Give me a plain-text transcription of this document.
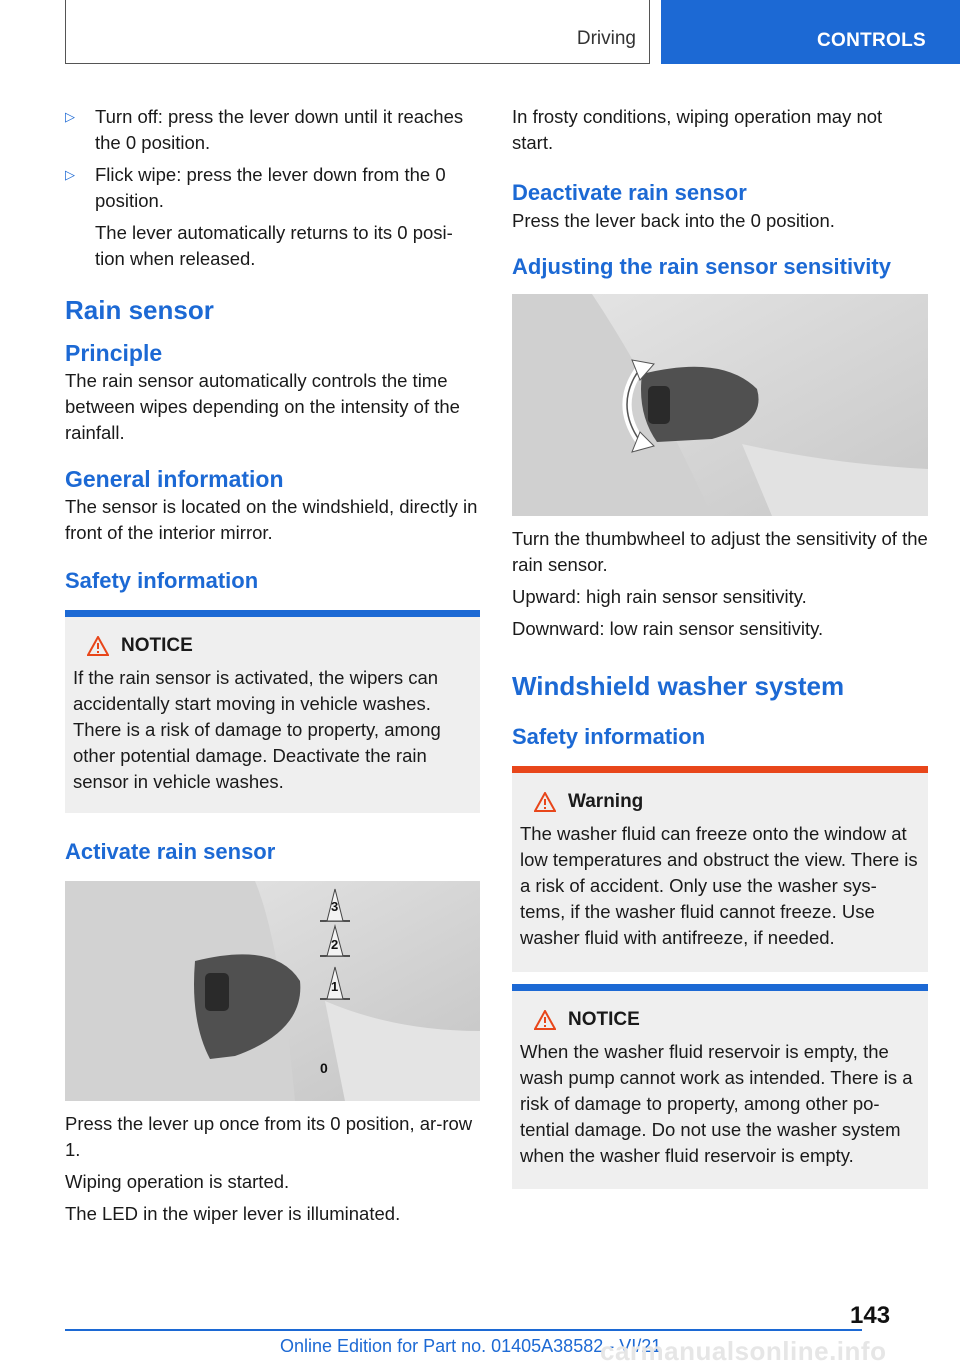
Driving	CONTROLS
▷ Turn off: press the lever down until it reaches the 0 position.

▷ Flick wipe: press the lever down from the 0 position.

The lever automatically returns to its 0 posi-tion when released.

Rain sensor
Principle

The rain sensor automatically controls the time between wipes depending on the intensity of the rainfall.

General information

The sensor is located on the windshield, directly in front of the interior mirror.

Safety information
NOTICE

If the rain sensor is activated, the wipers can accidentally start moving in vehicle washes. There is a risk of damage to property, among other potential damage. Deactivate the rain sensor in vehicle washes.

Activate rain sensor
3
2
1
0

Press the lever up once from its 0 position, ar-row 1.

Wiping operation is started.

The LED in the wiper lever is illuminated.

In frosty conditions, wiping operation may not start.

Deactivate rain sensor

Press the lever back into the 0 position.

Adjusting the rain sensor sensitivity

Turn the thumbwheel to adjust the sensitivity of the rain sensor.

Upward: high rain sensor sensitivity.

Downward: low rain sensor sensitivity.

Windshield washer system
Safety information
Warning

The washer fluid can freeze onto the window at low temperatures and obstruct the view. There is a risk of accident. Only use the washer sys-tems, if the washer fluid cannot freeze. Use washer fluid with antifreeze, if needed.

NOTICE

When the washer fluid reservoir is empty, the wash pump cannot work as intended. There is a risk of damage to property, among other po-tential damage. Do not use the washer system when the washer fluid reservoir is empty.

143
Online Edition for Part no. 01405A38582 - VI/21
carmanualsonline.info
